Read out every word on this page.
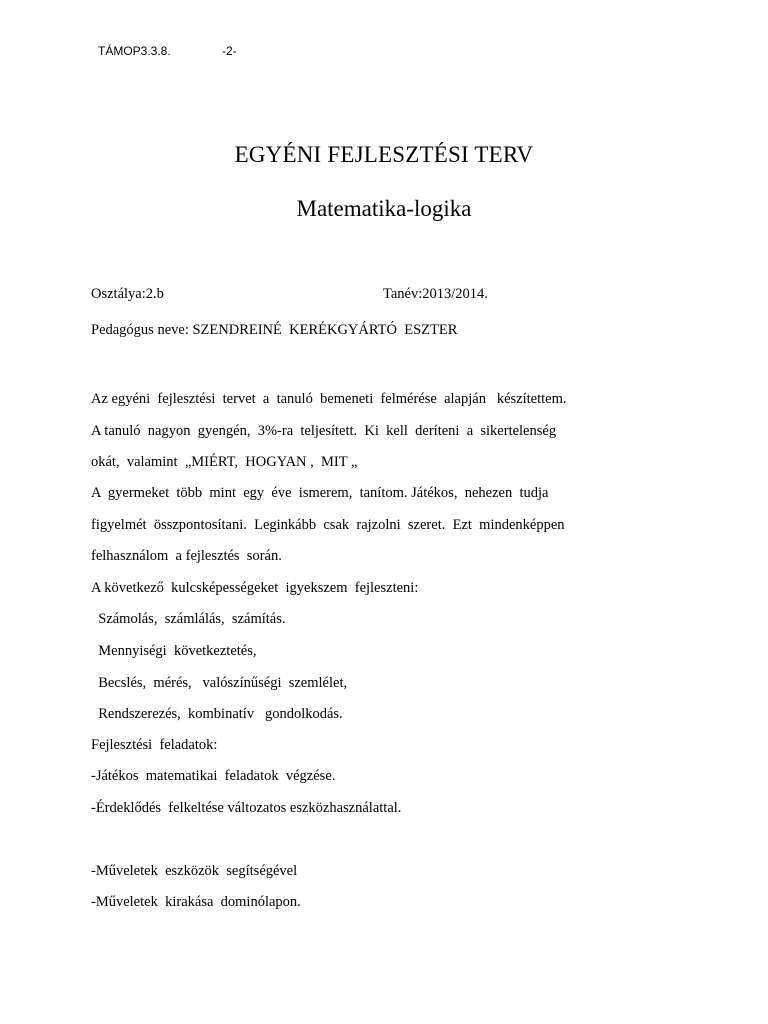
TÁMOP3.3.8.	-2-
EGYÉNI FEJLESZTÉSI TERV
Matematika-logika
Osztálya:2.b	Tanév:2013/2014.
Pedagógus neve: SZENDREINÉ  KERÉKGYÁRTÓ  ESZTER
Az egyéni  fejlesztési  tervet  a  tanuló  bemeneti  felmérése  alapján   készítettem.
A tanuló  nagyon  gyengén,  3%-ra  teljesített.  Ki  kell  deríteni  a  sikertelenség
okát,  valamint  „MIÉRT,  HOGYAN ,  MIT „
A  gyermeket  több  mint  egy  éve  ismerem,  tanítom. Játékos,  nehezen  tudja
figyelmét  összpontosítani.  Leginkább  csak  rajzolni  szeret.  Ezt  mindenképpen
felhasználom  a fejlesztés  során.
A következő  kulcsképességeket  igyekszem  fejleszteni:
Számolás,  számlálás,  számítás.
Mennyiségi  következtetés,
Becslés,  mérés,   valószínűségi  szemlélet,
Rendszerezés,  kombinatív   gondolkodás.
Fejlesztési  feladatok:
-Játékos  matematikai  feladatok  végzése.
-Érdeklődés  felkeltése változatos eszközhasználattal.
-Műveletek  eszközök  segítségével
-Műveletek  kirakása  dominólapon.
